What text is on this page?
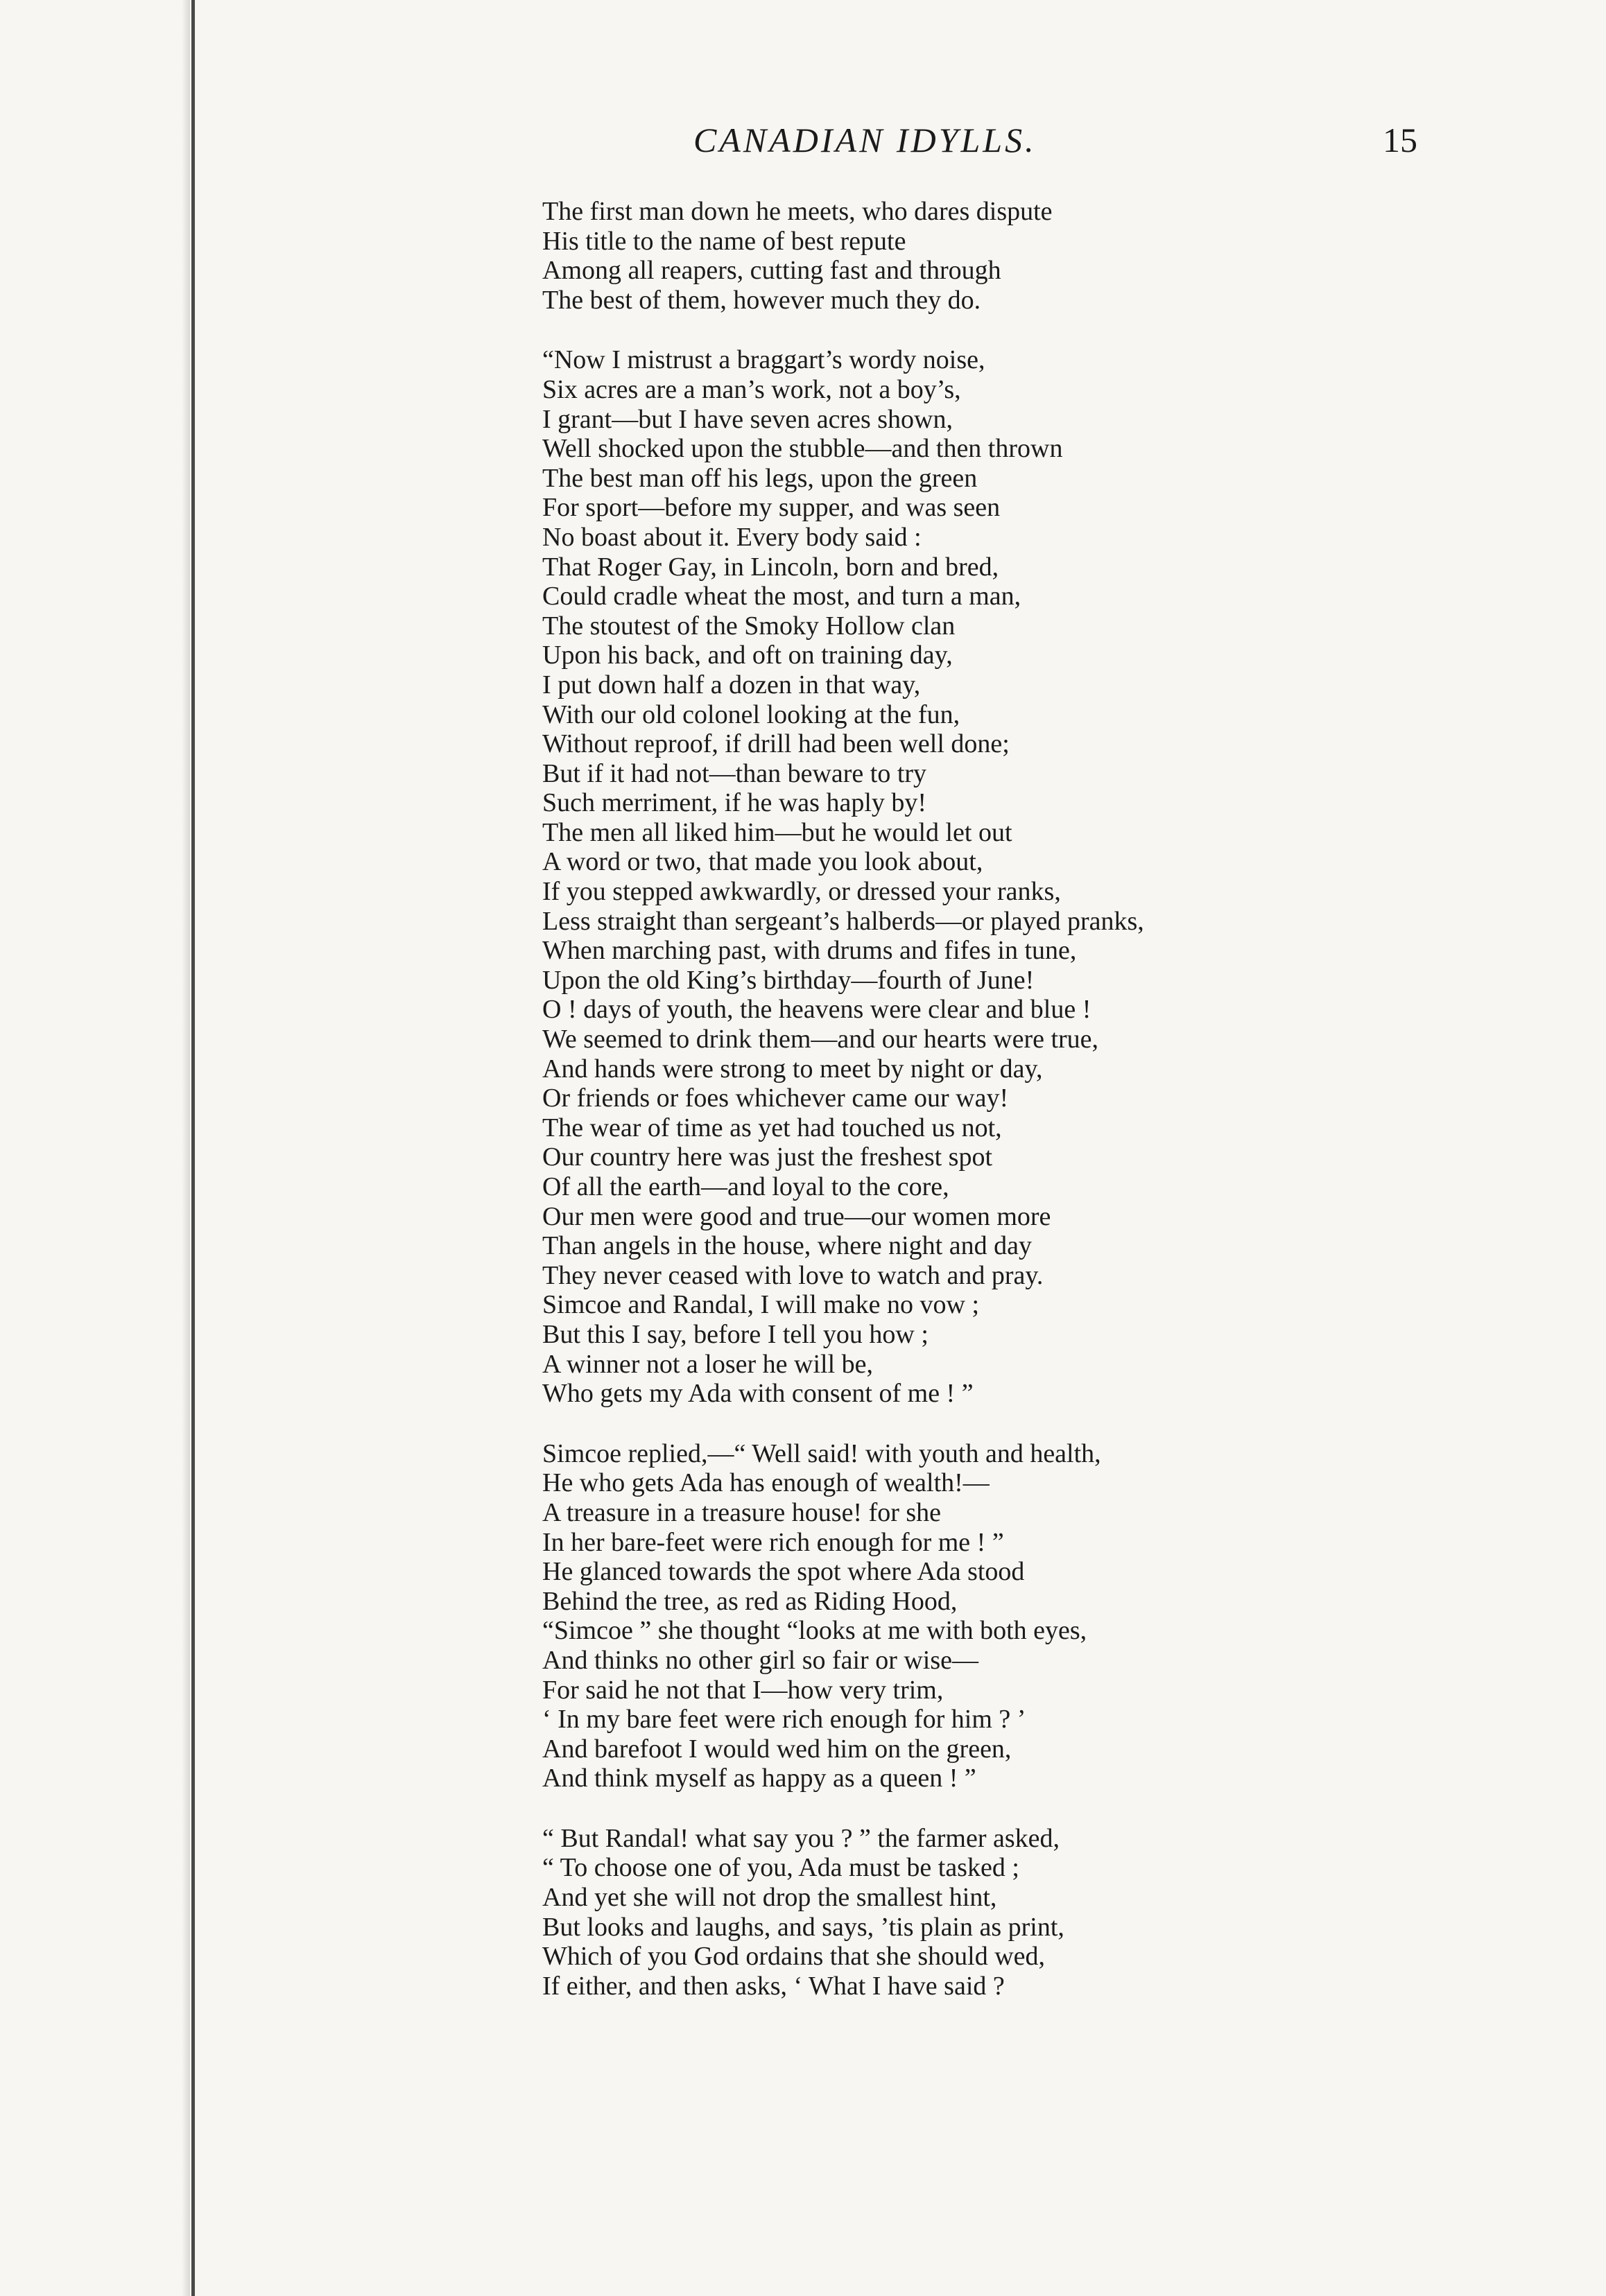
CANADIAN IDYLLS.	15
The first man down he meets, who dares dispute
His title to the name of best repute
Among all reapers, cutting fast and through
The best of them, however much they do.
“Now I mistrust a braggart’s wordy noise,
Six acres are a man’s work, not a boy’s,
I grant—but I have seven acres shown,
Well shocked upon the stubble—and then thrown
The best man off his legs, upon the green
For sport—before my supper, and was seen
No boast about it. Every body said :
That Roger Gay, in Lincoln, born and bred,
Could cradle wheat the most, and turn a man,
The stoutest of the Smoky Hollow clan
Upon his back, and oft on training day,
I put down half a dozen in that way,
With our old colonel looking at the fun,
Without reproof, if drill had been well done;
But if it had not—than beware to try
Such merriment, if he was haply by!
The men all liked him—but he would let out
A word or two, that made you look about,
If you stepped awkwardly, or dressed your ranks,
Less straight than sergeant’s halberds—or played pranks,
When marching past, with drums and fifes in tune,
Upon the old King’s birthday—fourth of June!
O ! days of youth, the heavens were clear and blue !
We seemed to drink them—and our hearts were true,
And hands were strong to meet by night or day,
Or friends or foes whichever came our way!
The wear of time as yet had touched us not,
Our country here was just the freshest spot
Of all the earth—and loyal to the core,
Our men were good and true—our women more
Than angels in the house, where night and day
They never ceased with love to watch and pray.
Simcoe and Randal, I will make no vow ;
But this I say, before I tell you how ;
A winner not a loser he will be,
Who gets my Ada with consent of me ! ”
Simcoe replied,—“ Well said! with youth and health,
He who gets Ada has enough of wealth!—
A treasure in a treasure house! for she
In her bare-feet were rich enough for me ! ”
He glanced towards the spot where Ada stood
Behind the tree, as red as Riding Hood,
“Simcoe ” she thought “looks at me with both eyes,
And thinks no other girl so fair or wise—
For said he not that I—how very trim,
‘ In my bare feet were rich enough for him ? ’
And barefoot I would wed him on the green,
And think myself as happy as a queen ! ”
“ But Randal! what say you ? ” the farmer asked,
“ To choose one of you, Ada must be tasked ;
And yet she will not drop the smallest hint,
But looks and laughs, and says, ’tis plain as print,
Which of you God ordains that she should wed,
If either, and then asks, ‘ What I have said ?
